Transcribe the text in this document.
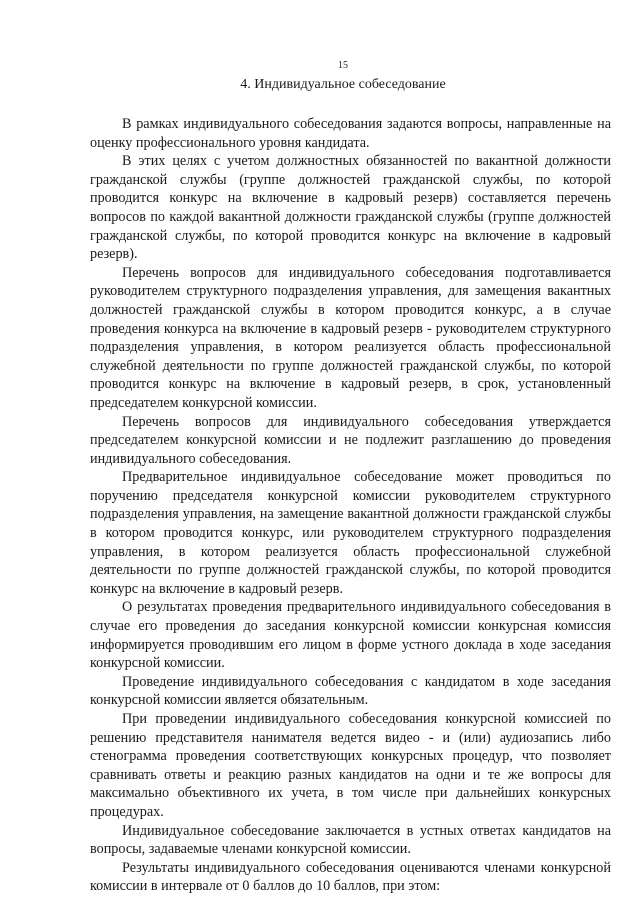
15
4. Индивидуальное собеседование

В рамках индивидуального собеседования задаются вопросы, направленные на оценку профессионального уровня кандидата.

В этих целях с учетом должностных обязанностей по вакантной должности гражданской службы (группе должностей гражданской службы, по которой проводится конкурс на включение в кадровый резерв) составляется перечень вопросов по каждой вакантной должности гражданской службы (группе должностей гражданской службы, по которой проводится конкурс на включение в кадровый резерв).

Перечень вопросов для индивидуального собеседования подготавливается руководителем структурного подразделения управления, для замещения вакантных должностей гражданской службы в котором проводится конкурс, а в случае проведения конкурса на включение в кадровый резерв - руководителем структурного подразделения управления, в котором реализуется область профессиональной служебной деятельности по группе должностей гражданской службы, по которой проводится конкурс на включение в кадровый резерв, в срок, установленный председателем конкурсной комиссии.

Перечень вопросов для индивидуального собеседования утверждается председателем конкурсной комиссии и не подлежит разглашению до проведения индивидуального собеседования.

Предварительное индивидуальное собеседование может проводиться по поручению председателя конкурсной комиссии руководителем структурного подразделения управления, на замещение вакантной должности гражданской службы в котором проводится конкурс, или руководителем структурного подразделения управления, в котором реализуется область профессиональной служебной деятельности по группе должностей гражданской службы, по которой проводится конкурс на включение в кадровый резерв.

О результатах проведения предварительного индивидуального собеседования в случае его проведения до заседания конкурсной комиссии конкурсная комиссия информируется проводившим его лицом в форме устного доклада в ходе заседания конкурсной комиссии.

Проведение индивидуального собеседования с кандидатом в ходе заседания конкурсной комиссии является обязательным.

При проведении индивидуального собеседования конкурсной комиссией по решению представителя нанимателя ведется видео - и (или) аудиозапись либо стенограмма проведения соответствующих конкурсных процедур, что позволяет сравнивать ответы и реакцию разных кандидатов на одни и те же вопросы для максимально объективного их учета, в том числе при дальнейших конкурсных процедурах.

Индивидуальное собеседование заключается в устных ответах кандидатов на вопросы, задаваемые членами конкурсной комиссии.

Результаты индивидуального собеседования оцениваются членами конкурсной комиссии в интервале от 0 баллов до 10 баллов, при этом:
